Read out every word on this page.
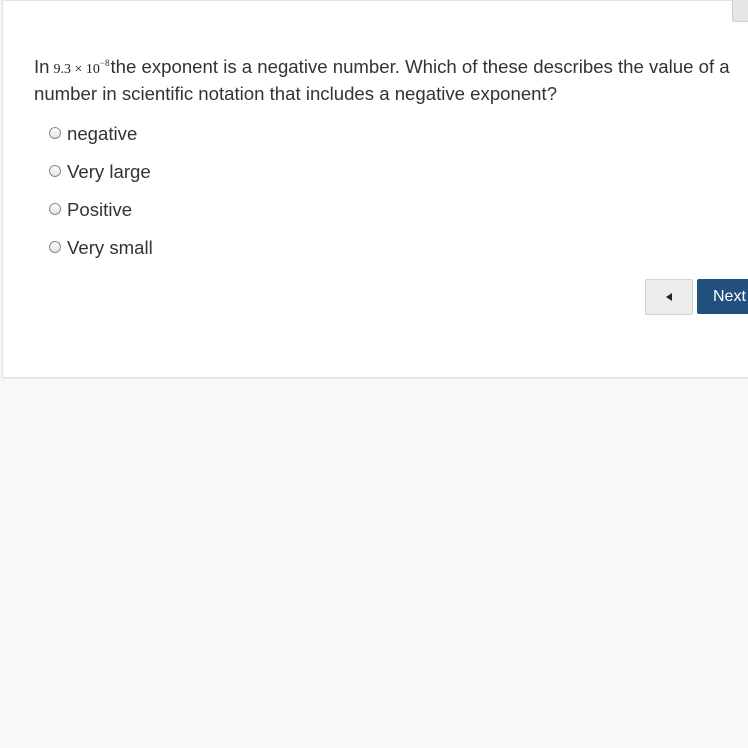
In $9.3 \times 10^{-8}the$ exponent is a negative number. Which of these describes the value of a number in scientific notation that includes a negative exponent?
negative
Very large
Positive
Very small
Next
